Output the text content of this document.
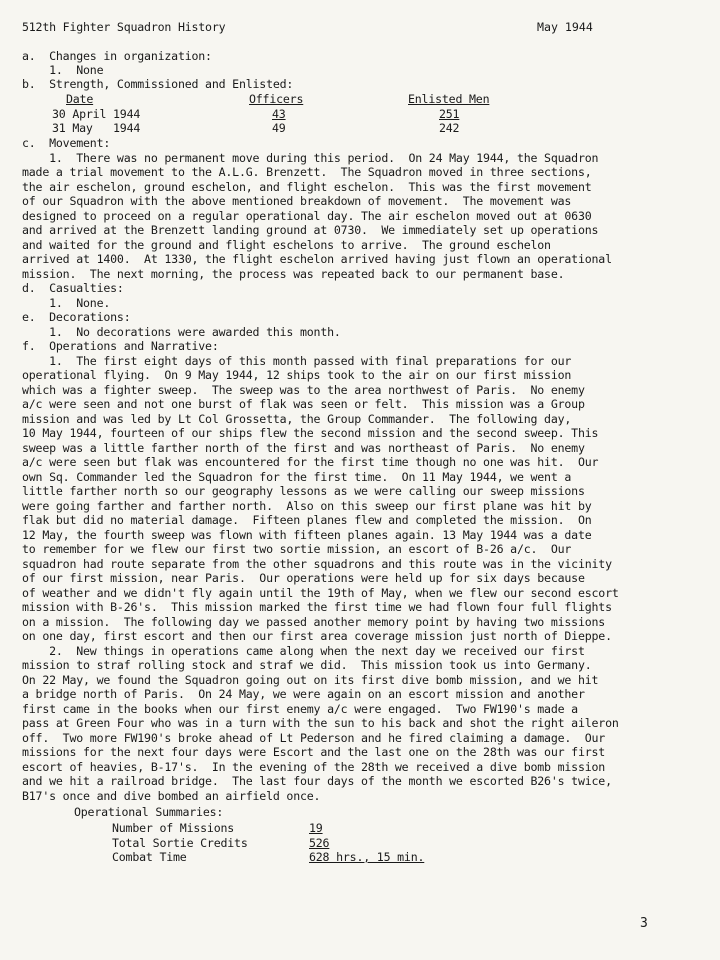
512th Fighter Squadron History	May 1944
a.  Changes in organization:
1.  None
b.  Strength, Commissioned and Enlisted:
Date	Officers	Enlisted Men
30 April 1944	43	251
31 May   1944	49	242
c.  Movement:
1.  There was no permanent move during this period.  On 24 May 1944, the Squadron
made a trial movement to the A.L.G. Brenzett.  The Squadron moved in three sections,
the air eschelon, ground eschelon, and flight eschelon.  This was the first movement
of our Squadron with the above mentioned breakdown of movement.  The movement was
designed to proceed on a regular operational day. The air eschelon moved out at 0630
and arrived at the Brenzett landing ground at 0730.  We immediately set up operations
and waited for the ground and flight eschelons to arrive.  The ground eschelon
arrived at 1400.  At 1330, the flight eschelon arrived having just flown an operational
mission.  The next morning, the process was repeated back to our permanent base.
d.  Casualties:
1.  None.
e.  Decorations:
1.  No decorations were awarded this month.
f.  Operations and Narrative:
1.  The first eight days of this month passed with final preparations for our
operational flying.  On 9 May 1944, 12 ships took to the air on our first mission
which was a fighter sweep.  The sweep was to the area northwest of Paris.  No enemy
a/c were seen and not one burst of flak was seen or felt.  This mission was a Group
mission and was led by Lt Col Grossetta, the Group Commander.  The following day,
10 May 1944, fourteen of our ships flew the second mission and the second sweep. This
sweep was a little farther north of the first and was northeast of Paris.  No enemy
a/c were seen but flak was encountered for the first time though no one was hit.  Our
own Sq. Commander led the Squadron for the first time.  On 11 May 1944, we went a
little farther north so our geography lessons as we were calling our sweep missions
were going farther and farther north.  Also on this sweep our first plane was hit by
flak but did no material damage.  Fifteen planes flew and completed the mission.  On
12 May, the fourth sweep was flown with fifteen planes again. 13 May 1944 was a date
to remember for we flew our first two sortie mission, an escort of B-26 a/c.  Our
squadron had route separate from the other squadrons and this route was in the vicinity
of our first mission, near Paris.  Our operations were held up for six days because
of weather and we didn't fly again until the 19th of May, when we flew our second escort
mission with B-26's.  This mission marked the first time we had flown four full flights
on a mission.  The following day we passed another memory point by having two missions
on one day, first escort and then our first area coverage mission just north of Dieppe.
2.  New things in operations came along when the next day we received our first
mission to straf rolling stock and straf we did.  This mission took us into Germany.
On 22 May, we found the Squadron going out on its first dive bomb mission, and we hit
a bridge north of Paris.  On 24 May, we were again on an escort mission and another
first came in the books when our first enemy a/c were engaged.  Two FW190's made a
pass at Green Four who was in a turn with the sun to his back and shot the right aileron
off.  Two more FW190's broke ahead of Lt Pederson and he fired claiming a damage.  Our
missions for the next four days were Escort and the last one on the 28th was our first
escort of heavies, B-17's.  In the evening of the 28th we received a dive bomb mission
and we hit a railroad bridge.  The last four days of the month we escorted B26's twice,
B17's once and dive bombed an airfield once.
Operational Summaries:
Number of Missions	19
Total Sortie Credits	526
Combat Time	628 hrs., 15 min.
3
